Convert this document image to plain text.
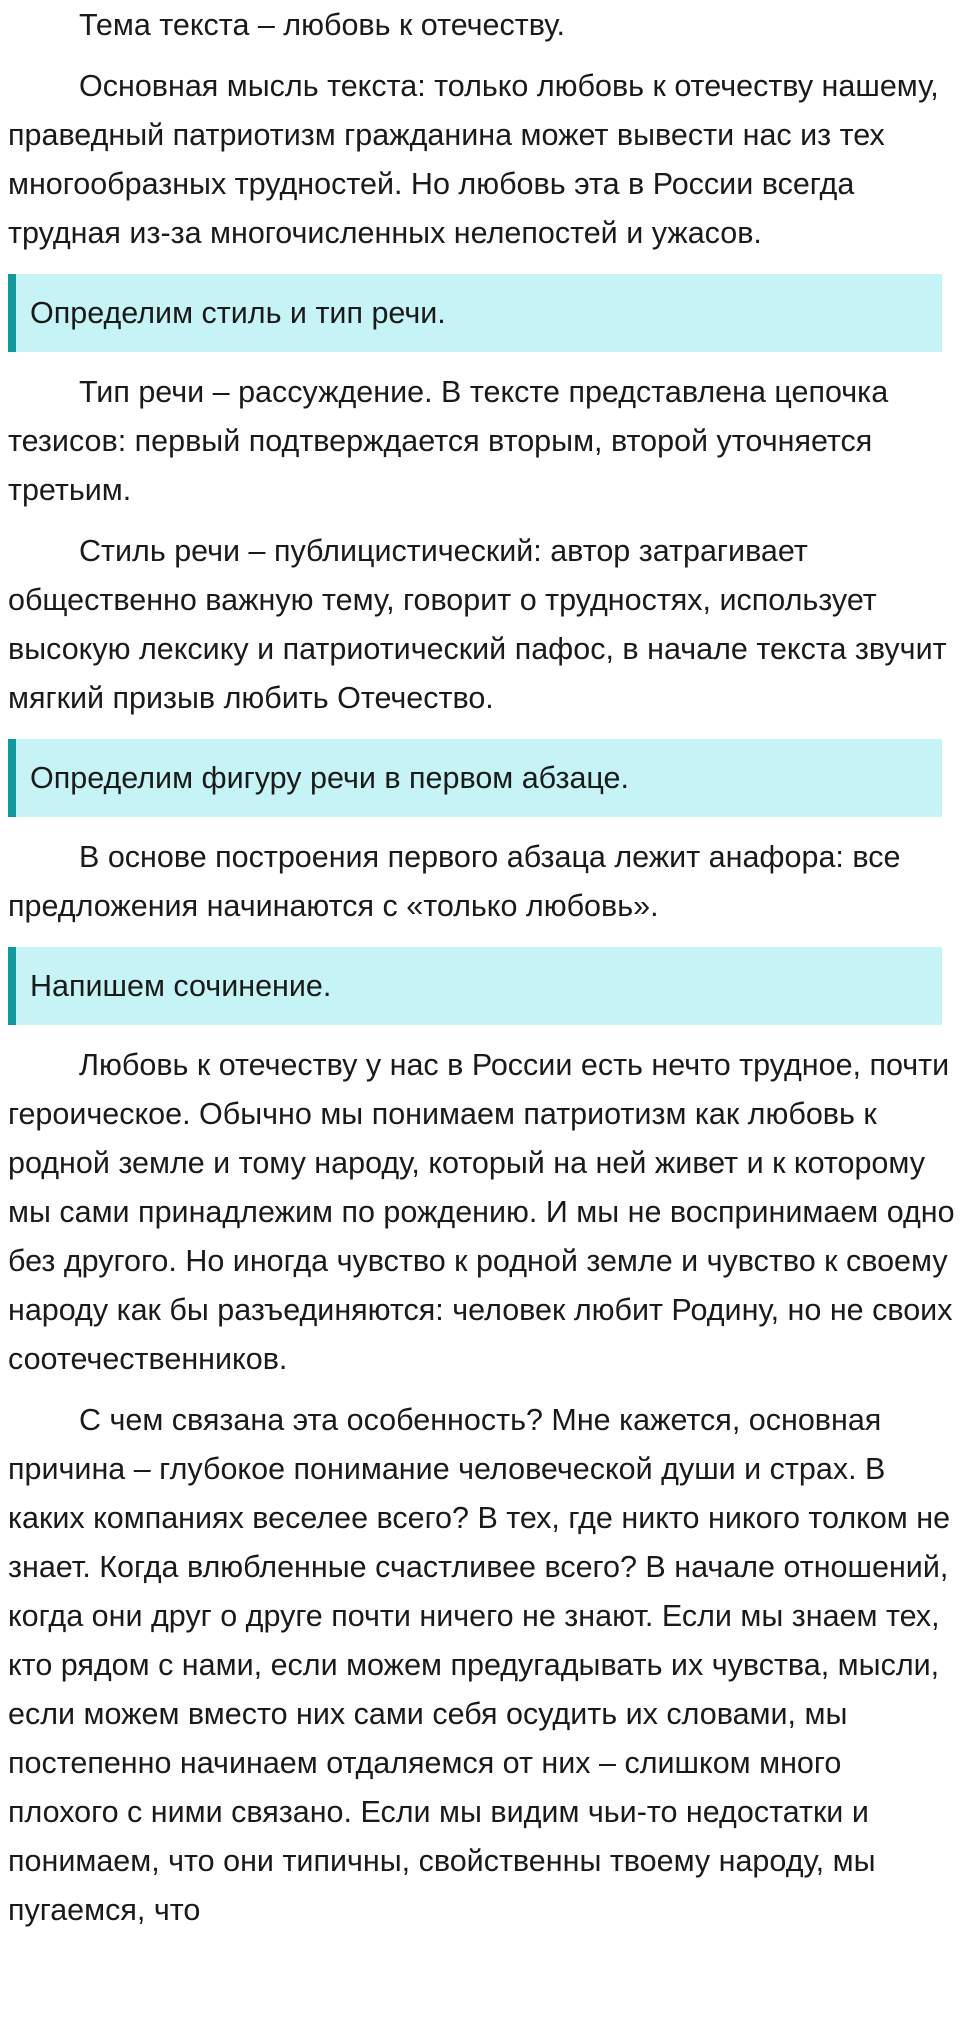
Тема текста – любовь к отечеству.

Основная мысль текста: только любовь к отечеству нашему, праведный патриотизм гражданина может вывести нас из тех многообразных трудностей. Но любовь эта в России всегда трудная из-за многочисленных нелепостей и ужасов.

Определим стиль и тип речи.

Тип речи – рассуждение. В тексте представлена цепочка тезисов: первый подтверждается вторым, второй уточняется третьим.

Стиль речи – публицистический: автор затрагивает общественно важную тему, говорит о трудностях, использует высокую лексику и патриотический пафос, в начале текста звучит мягкий призыв любить Отечество.

Определим фигуру речи в первом абзаце.

В основе построения первого абзаца лежит анафора: все предложения начинаются с «только любовь».

Напишем сочинение.

Любовь к отечеству у нас в России есть нечто трудное, почти героическое. Обычно мы понимаем патриотизм как любовь к родной земле и тому народу, который на ней живет и к которому мы сами принадлежим по рождению. И мы не воспринимаем одно без другого. Но иногда чувство к родной земле и чувство к своему народу как бы разъединяются: человек любит Родину, но не своих соотечественников.

С чем связана эта особенность? Мне кажется, основная причина – глубокое понимание человеческой души и страх. В каких компаниях веселее всего? В тех, где никто никого толком не знает. Когда влюбленные счастливее всего? В начале отношений, когда они друг о друге почти ничего не знают. Если мы знаем тех, кто рядом с нами, если можем предугадывать их чувства, мысли, если можем вместо них сами себя осудить их словами, мы постепенно начинаем отдаляемся от них – слишком много плохого с ними связано. Если мы видим чьи-то недостатки и понимаем, что они типичны, свойственны твоему народу, мы пугаемся, что
